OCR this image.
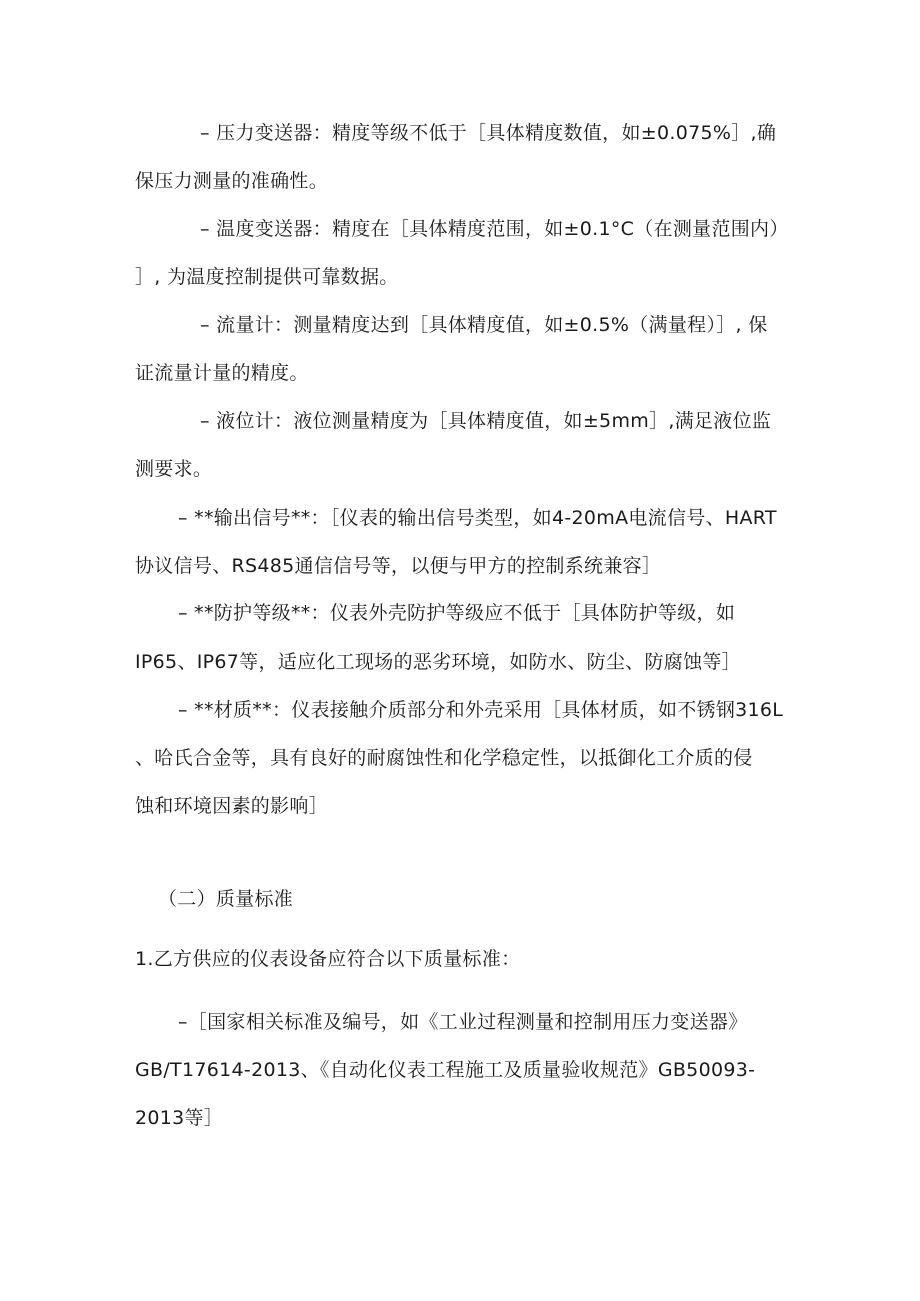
– 压力变送器：精度等级不低于［具体精度数值，如±0.075%］,确
保压力测量的准确性。
– 温度变送器：精度在［具体精度范围，如±0.1°C（在测量范围内）
］, 为温度控制提供可靠数据。
– 流量计：测量精度达到［具体精度值，如±0.5%（满量程）］, 保
证流量计量的精度。
– 液位计：液位测量精度为［具体精度值，如±5mm］,满足液位监
测要求。
– **输出信号**：［仪表的输出信号类型，如4-20mA电流信号、HART
协议信号、RS485通信信号等，以便与甲方的控制系统兼容］
– **防护等级**：仪表外壳防护等级应不低于［具体防护等级，如
IP65、IP67等，适应化工现场的恶劣环境，如防水、防尘、防腐蚀等］
– **材质**：仪表接触介质部分和外壳采用［具体材质，如不锈钢316L
、哈氏合金等，具有良好的耐腐蚀性和化学稳定性，以抵御化工介质的侵
蚀和环境因素的影响］
（二）质量标准
1.乙方供应的仪表设备应符合以下质量标准：
–［国家相关标准及编号，如《工业过程测量和控制用压力变送器》
GB/T17614-2013、《自动化仪表工程施工及质量验收规范》GB50093-
2013等］
